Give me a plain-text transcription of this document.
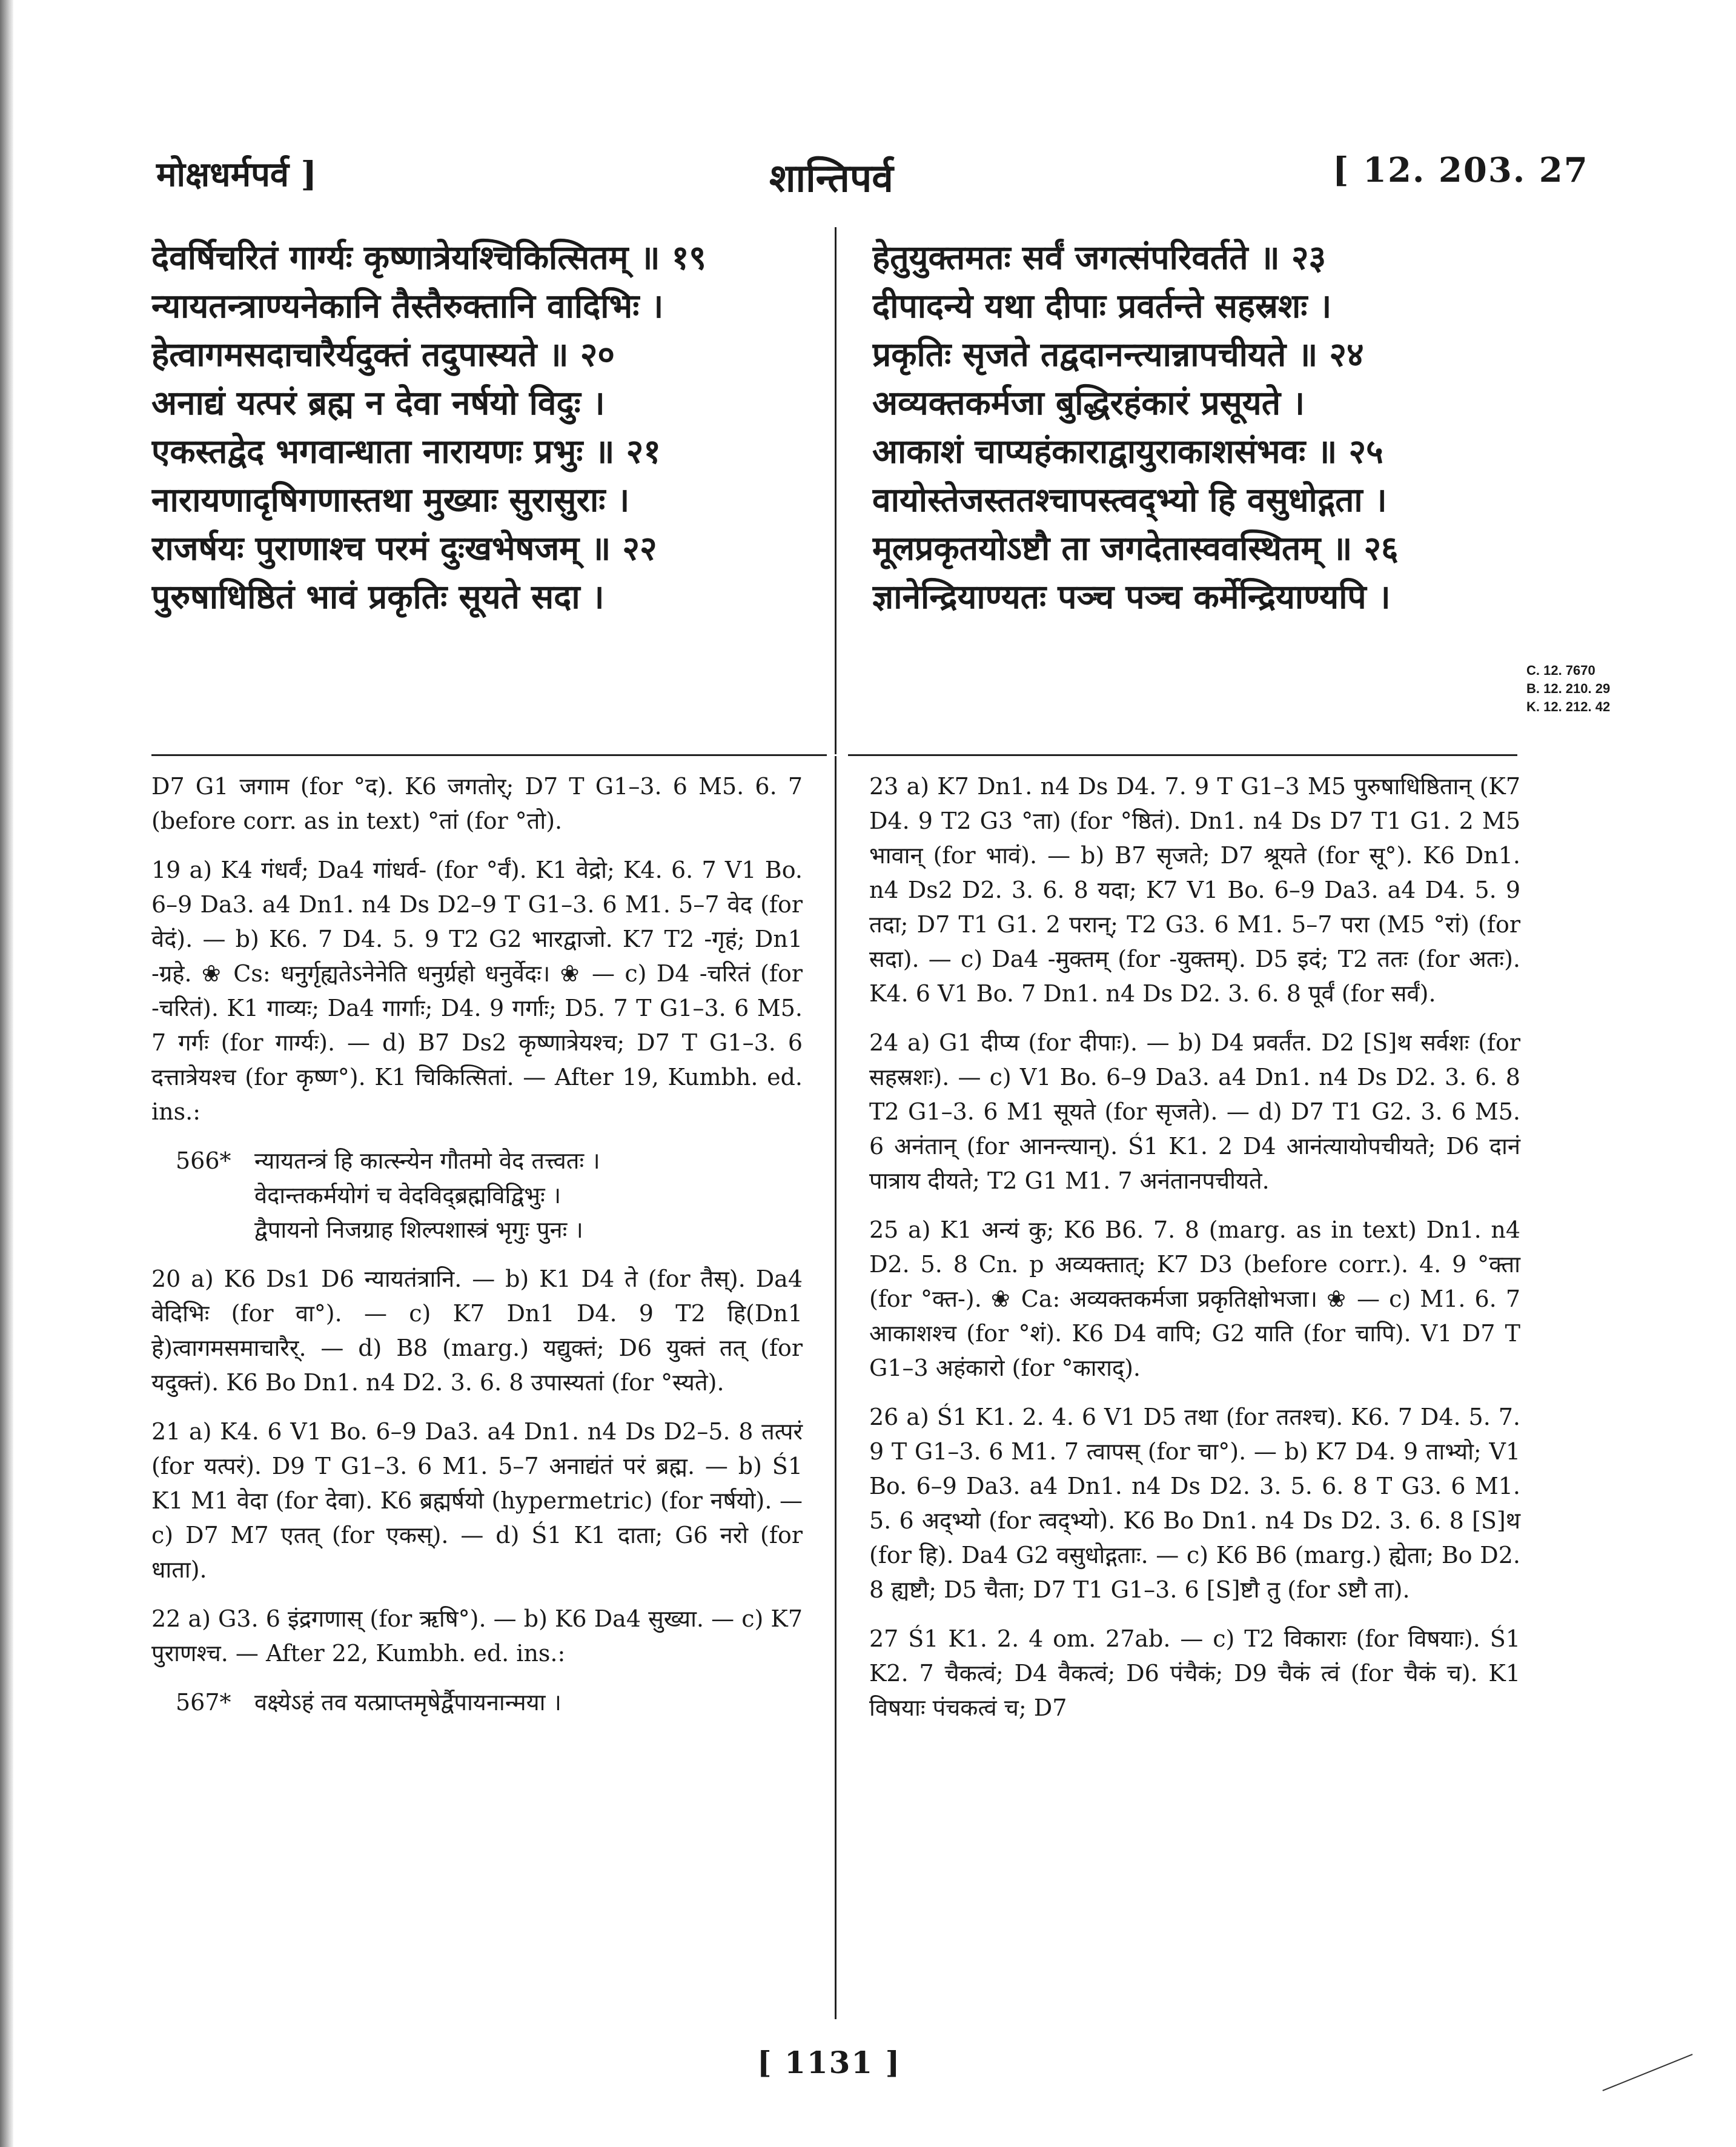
मोक्षधर्मपर्व ]	शान्तिपर्व	[ 12. 203. 27
देवर्षिचरितं गार्ग्यः कृष्णात्रेयश्चिकित्सितम् ॥ १९
न्यायतन्त्राण्यनेकानि तैस्तैरुक्तानि वादिभिः ।
हेत्वागमसदाचारैर्यदुक्तं तदुपास्यते ॥ २०
अनाद्यं यत्परं ब्रह्म न देवा नर्षयो विदुः ।
एकस्तद्वेद भगवान्धाता नारायणः प्रभुः ॥ २१
नारायणादृषिगणास्तथा मुख्याः सुरासुराः ।
राजर्षयः पुराणाश्च परमं दुःखभेषजम् ॥ २२
पुरुषाधिष्ठितं भावं प्रकृतिः सूयते सदा ।
हेतुयुक्तमतः सर्वं जगत्संपरिवर्तते ॥ २३
दीपादन्ये यथा दीपाः प्रवर्तन्ते सहस्रशः ।
प्रकृतिः सृजते तद्वदानन्त्यान्नापचीयते ॥ २४
अव्यक्तकर्मजा बुद्धिरहंकारं प्रसूयते ।
आकाशं चाप्यहंकाराद्वायुराकाशसंभवः ॥ २५
वायोस्तेजस्ततश्चापस्त्वद्भ्यो हि वसुधोद्गता ।
मूलप्रकृतयोऽष्टौ ता जगदेतास्ववस्थितम् ॥ २६
ज्ञानेन्द्रियाण्यतः पञ्च पञ्च कर्मेन्द्रियाण्यपि ।
C. 12. 7670
B. 12. 210. 29
K. 12. 212. 42
D7 G1 जगाम (for °द). K6 जगतोर्; D7 T G1–3. 6 M5. 6. 7 (before corr. as in text) °तां (for °तो).
19 a) K4 गंधर्वं; Da4 गांधर्व- (for °र्वं). K1 वेद्रो; K4. 6. 7 V1 Bo. 6–9 Da3. a4 Dn1. n4 Ds D2–9 T G1–3. 6 M1. 5–7 वेद (for वेदं). — b) K6. 7 D4. 5. 9 T2 G2 भारद्वाजो. K7 T2 -गृहं; Dn1 -ग्रहे. ❀ Cs: धनुर्गृह्यतेऽनेनेति धनुर्ग्रहो धनुर्वेदः। ❀ — c) D4 -चरितं (for -चरितं). K1 गाव्यः; Da4 गार्गाः; D4. 9 गर्गाः; D5. 7 T G1–3. 6 M5. 7 गर्गः (for गार्ग्यः). — d) B7 Ds2 कृष्णात्रेयश्च; D7 T G1–3. 6 दत्तात्रेयश्च (for कृष्ण°). K1 चिकित्सितां. — After 19, Kumbh. ed. ins.:
566* न्यायतन्त्रं हि कात्स्न्येन गौतमो वेद तत्त्वतः ।
वेदान्तकर्मयोगं च वेदविद्ब्रह्मविद्विभुः ।
द्वैपायनो निजग्राह शिल्पशास्त्रं भृगुः पुनः ।
20 a) K6 Ds1 D6 न्यायतंत्रानि. — b) K1 D4 ते (for तैस्). Da4 वेदिभिः (for वा°). — c) K7 Dn1 D4. 9 T2 हि(Dn1 हे)त्वागमसमाचारैर्. — d) B8 (marg.) यद्युक्तं; D6 युक्तं तत् (for यदुक्तं). K6 Bo Dn1. n4 D2. 3. 6. 8 उपास्यतां (for °स्यते).
21 a) K4. 6 V1 Bo. 6–9 Da3. a4 Dn1. n4 Ds D2–5. 8 तत्परं (for यत्परं). D9 T G1–3. 6 M1. 5–7 अनाद्यंतं परं ब्रह्म. — b) Ś1 K1 M1 वेदा (for देवा). K6 ब्रह्मर्षयो (hypermetric) (for नर्षयो). — c) D7 M7 एतत् (for एकस्). — d) Ś1 K1 दाता; G6 नरो (for धाता).
22 a) G3. 6 इंद्रगणास् (for ऋषि°). — b) K6 Da4 सुख्या. — c) K7 पुराणश्च. — After 22, Kumbh. ed. ins.:
567* वक्ष्येऽहं तव यत्प्राप्तमृषेर्द्वैपायनान्मया ।
23 a) K7 Dn1. n4 Ds D4. 7. 9 T G1–3 M5 पुरुषाधिष्ठितान् (K7 D4. 9 T2 G3 °ता) (for °ष्ठितं). Dn1. n4 Ds D7 T1 G1. 2 M5 भावान् (for भावं). — b) B7 सृजते; D7 श्रूयते (for सू°). K6 Dn1. n4 Ds2 D2. 3. 6. 8 यदा; K7 V1 Bo. 6–9 Da3. a4 D4. 5. 9 तदा; D7 T1 G1. 2 परान्; T2 G3. 6 M1. 5–7 परा (M5 °रां) (for सदा). — c) Da4 -मुक्तम् (for -युक्तम्). D5 इदं; T2 ततः (for अतः). K4. 6 V1 Bo. 7 Dn1. n4 Ds D2. 3. 6. 8 पूर्वं (for सर्वं).
24 a) G1 दीप्य (for दीपाः). — b) D4 प्रवर्तंत. D2 [S]थ सर्वशः (for सहस्रशः). — c) V1 Bo. 6–9 Da3. a4 Dn1. n4 Ds D2. 3. 6. 8 T2 G1–3. 6 M1 सूयते (for सृजते). — d) D7 T1 G2. 3. 6 M5. 6 अनंतान् (for आनन्त्यान्). Ś1 K1. 2 D4 आनंत्यायोपचीयते; D6 दानं पात्राय दीयते; T2 G1 M1. 7 अनंतानपचीयते.
25 a) K1 अन्यं कु; K6 B6. 7. 8 (marg. as in text) Dn1. n4 D2. 5. 8 Cn. p अव्यक्तात्; K7 D3 (before corr.). 4. 9 °क्ता (for °क्त-). ❀ Ca: अव्यक्तकर्मजा प्रकृतिक्षोभजा। ❀ — c) M1. 6. 7 आकाशश्च (for °शं). K6 D4 वापि; G2 याति (for चापि). V1 D7 T G1–3 अहंकारो (for °काराद्).
26 a) Ś1 K1. 2. 4. 6 V1 D5 तथा (for ततश्च). K6. 7 D4. 5. 7. 9 T G1–3. 6 M1. 7 त्वापस् (for चा°). — b) K7 D4. 9 ताभ्यो; V1 Bo. 6–9 Da3. a4 Dn1. n4 Ds D2. 3. 5. 6. 8 T G3. 6 M1. 5. 6 अद्भ्यो (for त्वद्भ्यो). K6 Bo Dn1. n4 Ds D2. 3. 6. 8 [S]थ (for हि). Da4 G2 वसुधोद्गताः. — c) K6 B6 (marg.) ह्येता; Bo D2. 8 ह्यष्टौ; D5 चैता; D7 T1 G1–3. 6 [S]ष्टौ तु (for ऽष्टौ ता).
27 Ś1 K1. 2. 4 om. 27ab. — c) T2 विकाराः (for विषयाः). Ś1 K2. 7 चैकत्वं; D4 वैकत्वं; D6 पंचैकं; D9 चैकं त्वं (for चैकं च). K1 विषयाः पंचकत्वं च; D7
[ 1131 ]
